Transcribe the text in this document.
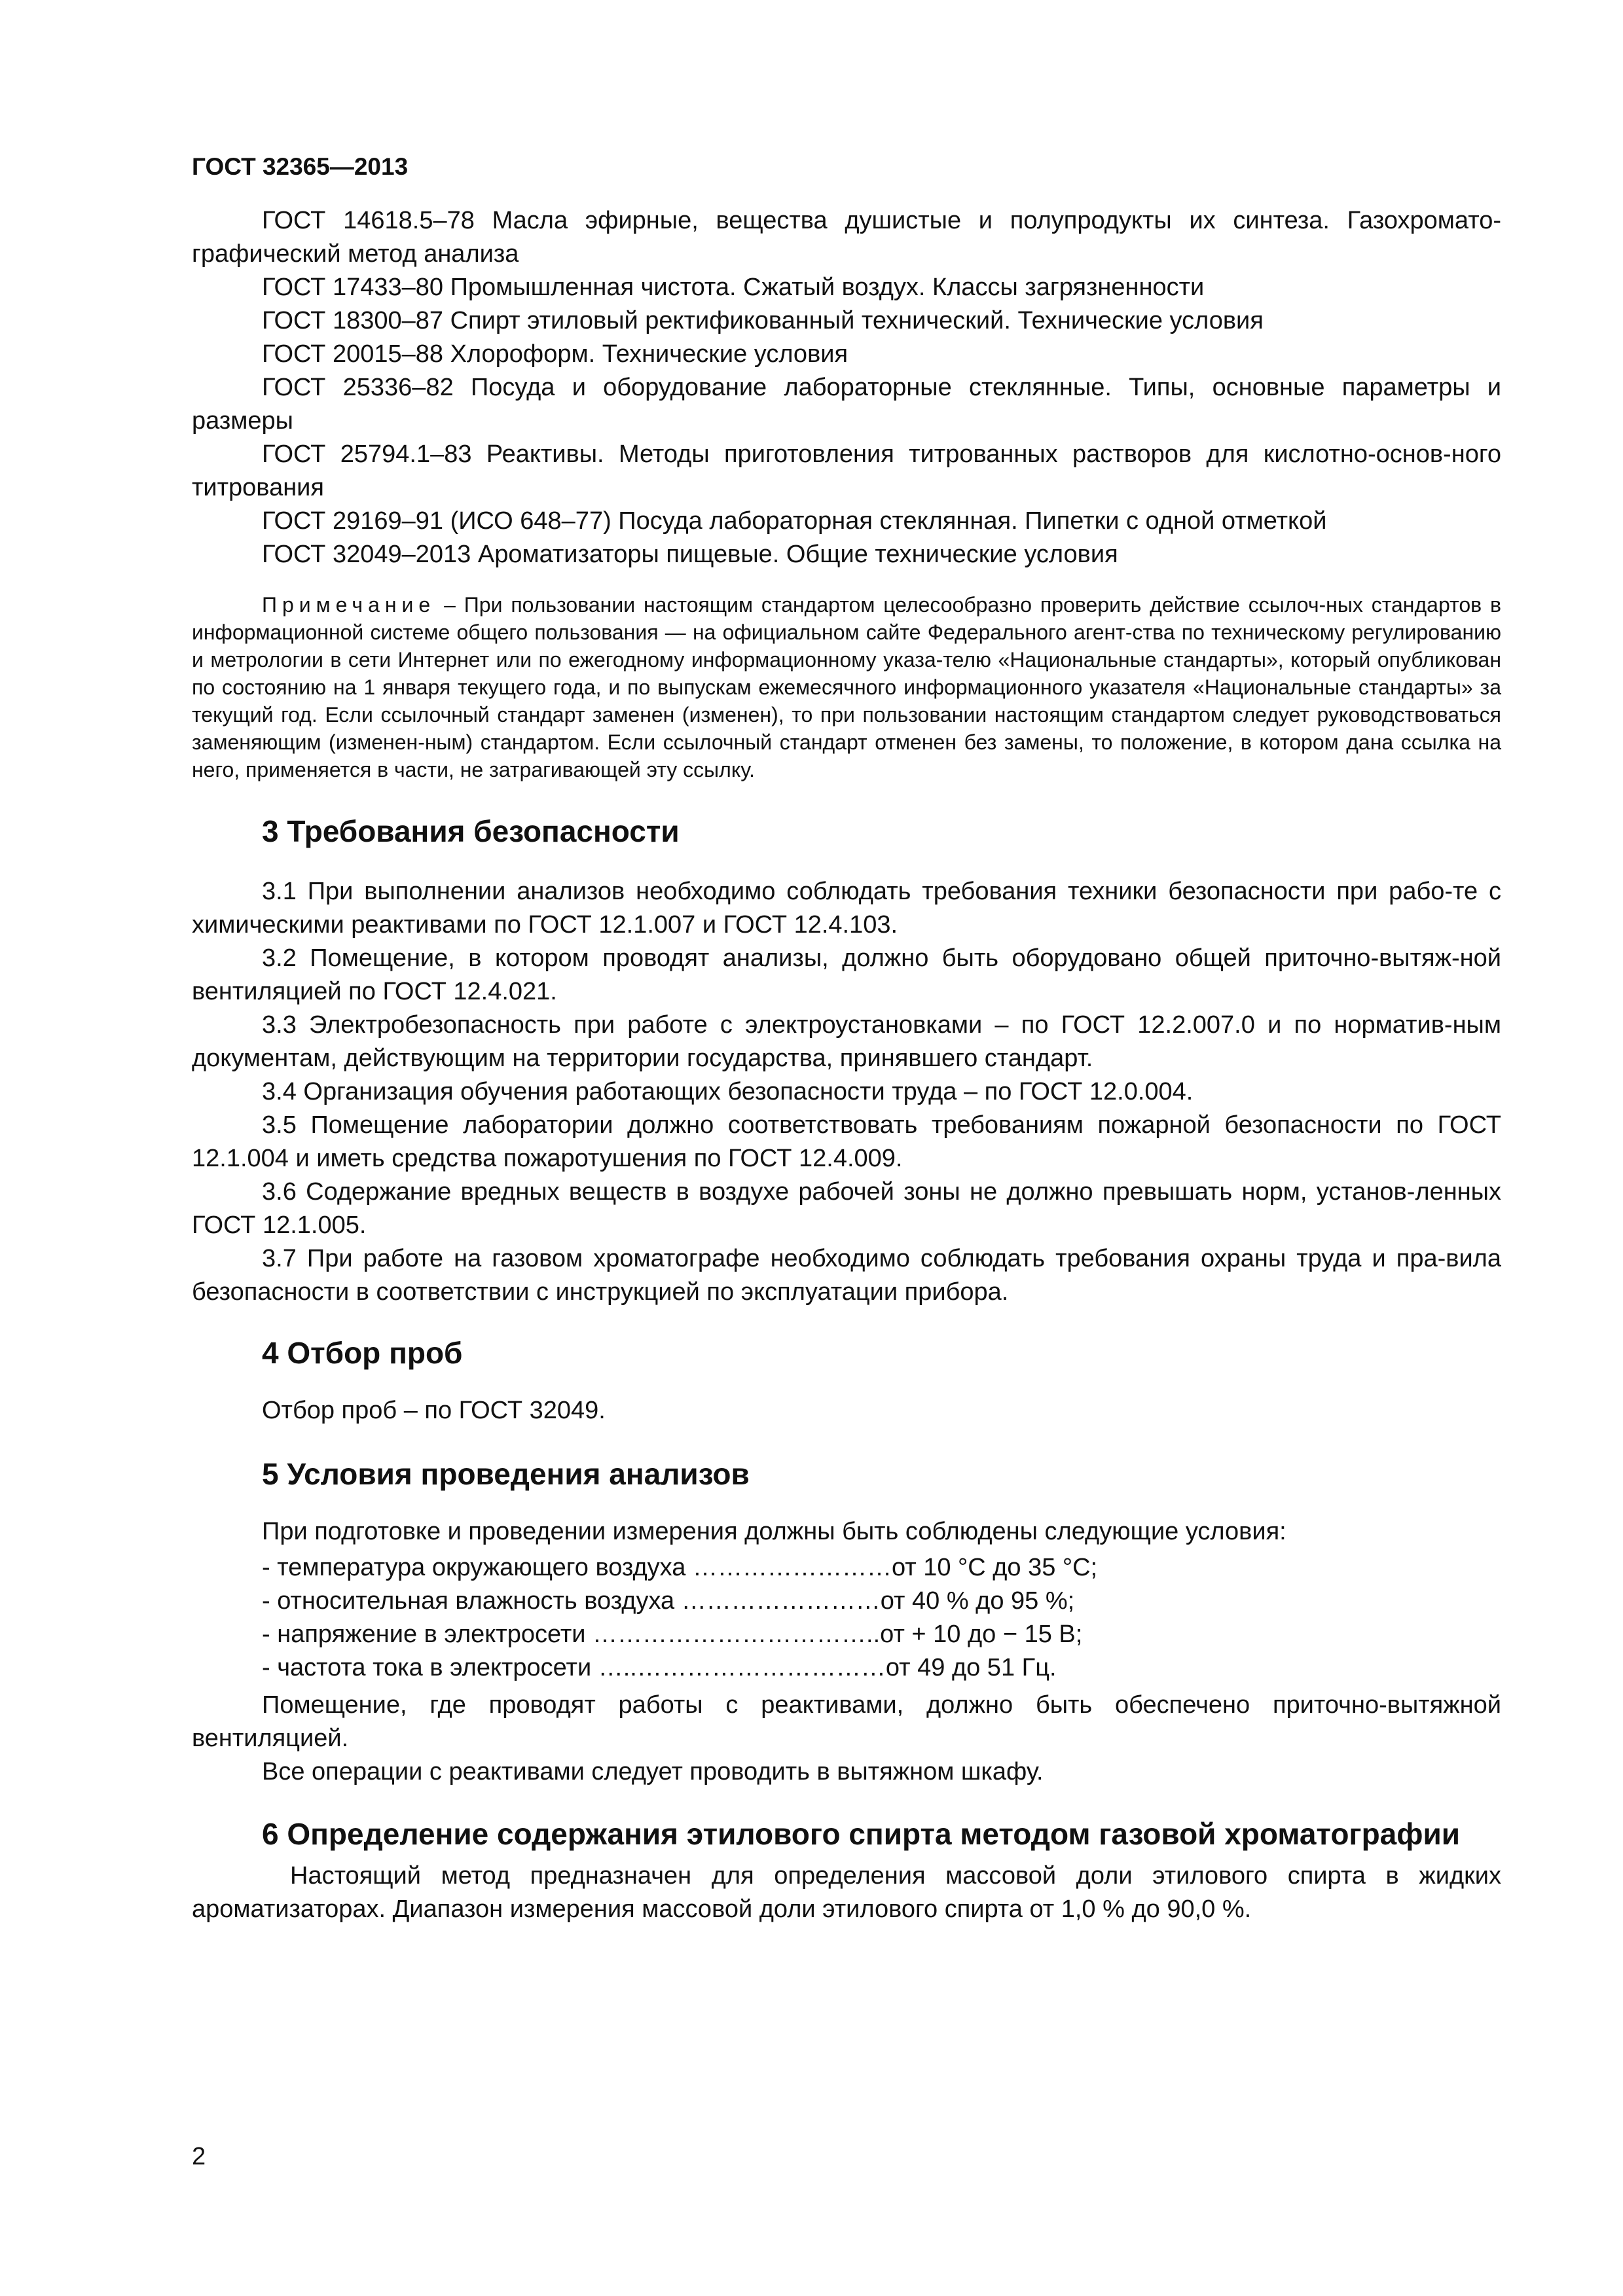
ГОСТ 32365—2013

ГОСТ 14618.5–78 Масла эфирные, вещества душистые и полупродукты их синтеза. Газохромато-графический метод анализа

ГОСТ 17433–80 Промышленная чистота. Сжатый воздух. Классы загрязненности

ГОСТ 18300–87 Спирт этиловый ректификованный технический. Технические условия

ГОСТ 20015–88 Хлороформ. Технические условия

ГОСТ 25336–82 Посуда и оборудование лабораторные стеклянные. Типы, основные параметры и размеры

ГОСТ 25794.1–83 Реактивы. Методы приготовления титрованных растворов для кислотно-основ-ного титрования

ГОСТ 29169–91 (ИСО 648–77) Посуда лабораторная стеклянная. Пипетки с одной отметкой

ГОСТ 32049–2013 Ароматизаторы пищевые. Общие технические условия

Примечание – При пользовании настоящим стандартом целесообразно проверить действие ссылоч-ных стандартов в информационной системе общего пользования — на официальном сайте Федерального агент-ства по техническому регулированию и метрологии в сети Интернет или по ежегодному информационному указа-телю «Национальные стандарты», который опубликован по состоянию на 1 января текущего года, и по выпускам ежемесячного информационного указателя «Национальные стандарты» за текущий год. Если ссылочный стандарт заменен (изменен), то при пользовании настоящим стандартом следует руководствоваться заменяющим (изменен-ным) стандартом. Если ссылочный стандарт отменен без замены, то положение, в котором дана ссылка на него, применяется в части, не затрагивающей эту ссылку.

3 Требования безопасности

3.1 При выполнении анализов необходимо соблюдать требования техники безопасности при рабо-те с химическими реактивами по ГОСТ 12.1.007 и ГОСТ 12.4.103.

3.2 Помещение, в котором проводят анализы, должно быть оборудовано общей приточно-вытяж-ной вентиляцией по ГОСТ 12.4.021.

3.3 Электробезопасность при работе с электроустановками – по ГОСТ 12.2.007.0 и по норматив-ным документам, действующим на территории государства, принявшего стандарт.

3.4 Организация обучения работающих безопасности труда – по ГОСТ 12.0.004.

3.5 Помещение лаборатории должно соответствовать требованиям пожарной безопасности по ГОСТ 12.1.004 и иметь средства пожаротушения по ГОСТ 12.4.009.

3.6 Содержание вредных веществ в воздухе рабочей зоны не должно превышать норм, установ-ленных ГОСТ 12.1.005.

3.7 При работе на газовом хроматографе необходимо соблюдать требования охраны труда и пра-вила безопасности в соответствии с инструкцией по эксплуатации прибора.

4 Отбор проб

Отбор проб – по ГОСТ 32049.

5 Условия проведения анализов

При подготовке и проведении измерения должны быть соблюдены следующие условия:

- температура окружающего воздуха ……………………от 10 °С до 35 °С;

- относительная влажность воздуха ……………………от 40 % до 95 %;

- напряжение в электросети ……………………………..от + 10 до − 15 В;

- частота тока в электросети …..…………………………от 49 до 51 Гц.

Помещение, где проводят работы с реактивами, должно быть обеспечено приточно-вытяжной вентиляцией.

Все операции с реактивами следует проводить в вытяжном шкафу.

6 Определение содержания этилового спирта методом газовой хроматографии

Настоящий метод предназначен для определения массовой доли этилового спирта в жидких ароматизаторах. Диапазон измерения массовой доли этилового спирта от 1,0 % до 90,0 %.

2
